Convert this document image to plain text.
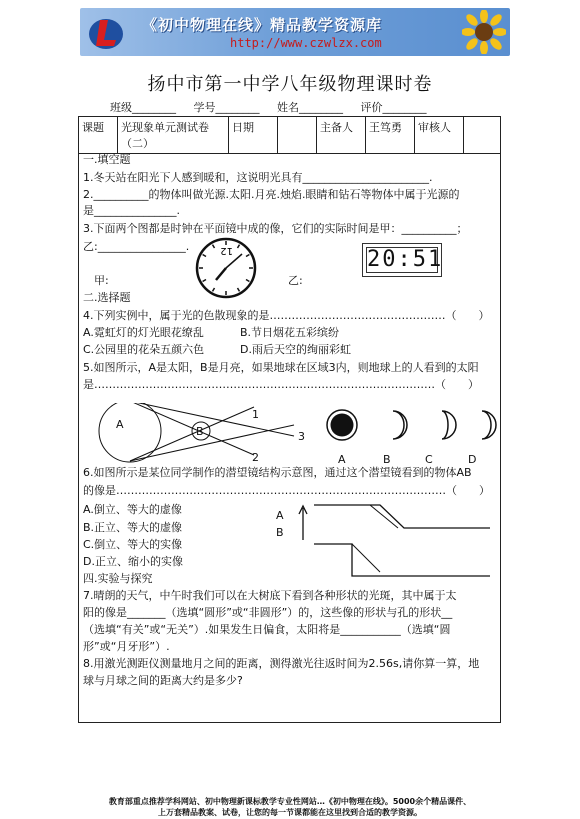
《初中物理在线》精品教学资源库
http://www.czwlzx.com
扬中市第一中学八年级物理课时卷
班级________ 学号________ 姓名________ 评价________
课题	光现象单元测试卷（二）	日期		主备人	王笃勇	审核人	
一.填空题
1.冬天站在阳光下人感到暖和，这说明光具有_______________________.
2.__________的物体叫做光源.太阳.月亮.烛焰.眼睛和钻石等物体中属于光源的
是_______________.
3.下面两个图都是时钟在平面镜中成的像，它们的实际时间是甲：__________；
乙:________________.	12	20:51
甲:	乙:
二.选择题
4.下列实例中，属于光的色散现象的是…………………………………………（　　）
A.霓虹灯的灯光眼花缭乱	B.节日烟花五彩缤纷
C.公园里的花朵五颜六色	D.雨后天空的绚丽彩虹
5.如图所示，A是太阳，B是月亮，如果地球在区域3内，则地球上的人看到的太阳
是…………………………………………………………………………………（　　）
A
B
1
2
3
A	B	C	D
6.如图所示是某位同学制作的潜望镜结构示意图，通过这个潜望镜看到的物体AB
的像是………………………………………………………………………………（　　）
A.倒立、等大的虚像
B.正立、等大的虚像
C.倒立、等大的实像
D.正立、缩小的实像
A
B
四.实验与探究
7.晴朗的天气，中午时我们可以在大树底下看到各种形状的光斑，其中属于太
阳的像是_______（选填“圆形”或“非圆形”）的，这些像的形状与孔的形状__
（选填“有关”或“无关”）.如果发生日偏食，太阳将是___________（选填“圆
形”或“月牙形”）.
8.用激光测距仪测量地月之间的距离，测得激光往返时间为2.56s,请你算一算，地
球与月球之间的距离大约是多少?
教育部重点推荐学科网站、初中物理新课标教学专业性网站…《初中物理在线》。5000余个精品课件、
上万套精品教案、试卷，让您的每一节课都能在这里找到合适的教学资源。
